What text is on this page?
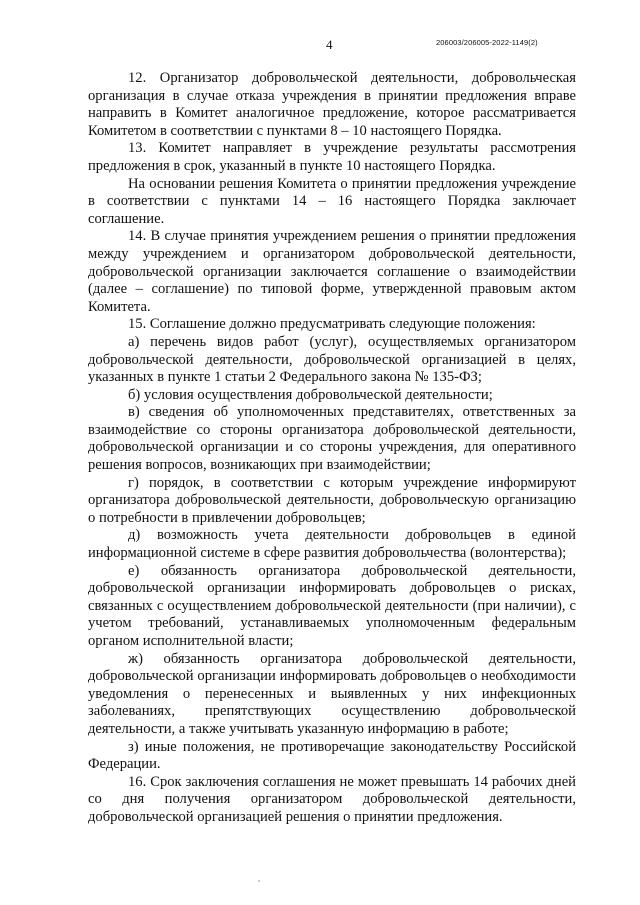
4	206003/206005-2022-1149(2)

12. Организатор добровольческой деятельности, добровольческая организация в случае отказа учреждения в принятии предложения вправе направить в Комитет аналогичное предложение, которое рассматривается Комитетом в соответствии с пунктами 8 – 10 настоящего Порядка.

13. Комитет направляет в учреждение результаты рассмотрения предложения в срок, указанный в пункте 10 настоящего Порядка.

На основании решения Комитета о принятии предложения учреждение в соответствии с пунктами 14 – 16 настоящего Порядка заключает соглашение.

14. В случае принятия учреждением решения о принятии предложения между учреждением и организатором добровольческой деятельности, добровольческой организации заключается соглашение о взаимодействии (далее – соглашение) по типовой форме, утвержденной правовым актом Комитета.

15. Соглашение должно предусматривать следующие положения:

а) перечень видов работ (услуг), осуществляемых организатором добровольческой деятельности, добровольческой организацией в целях, указанных в пункте 1 статьи 2 Федерального закона № 135-ФЗ;

б) условия осуществления добровольческой деятельности;

в) сведения об уполномоченных представителях, ответственных за взаимодействие со стороны организатора добровольческой деятельности, добровольческой организации и со стороны учреждения, для оперативного решения вопросов, возникающих при взаимодействии;

г) порядок, в соответствии с которым учреждение информируют организатора добровольческой деятельности, добровольческую организацию о потребности в привлечении добровольцев;

д) возможность учета деятельности добровольцев в единой информационной системе в сфере развития добровольчества (волонтерства);

е) обязанность организатора добровольческой деятельности, добровольческой организации информировать добровольцев о рисках, связанных с осуществлением добровольческой деятельности (при наличии), с учетом требований, устанавливаемых уполномоченным федеральным органом исполнительной власти;

ж) обязанность организатора добровольческой деятельности, добровольческой организации информировать добровольцев о необходимости уведомления о перенесенных и выявленных у них инфекционных заболеваниях, препятствующих осуществлению добровольческой деятельности, а также учитывать указанную информацию в работе;

з) иные положения, не противоречащие законодательству Российской Федерации.

16. Срок заключения соглашения не может превышать 14 рабочих дней со дня получения организатором добровольческой деятельности, добровольческой организацией решения о принятии предложения.
